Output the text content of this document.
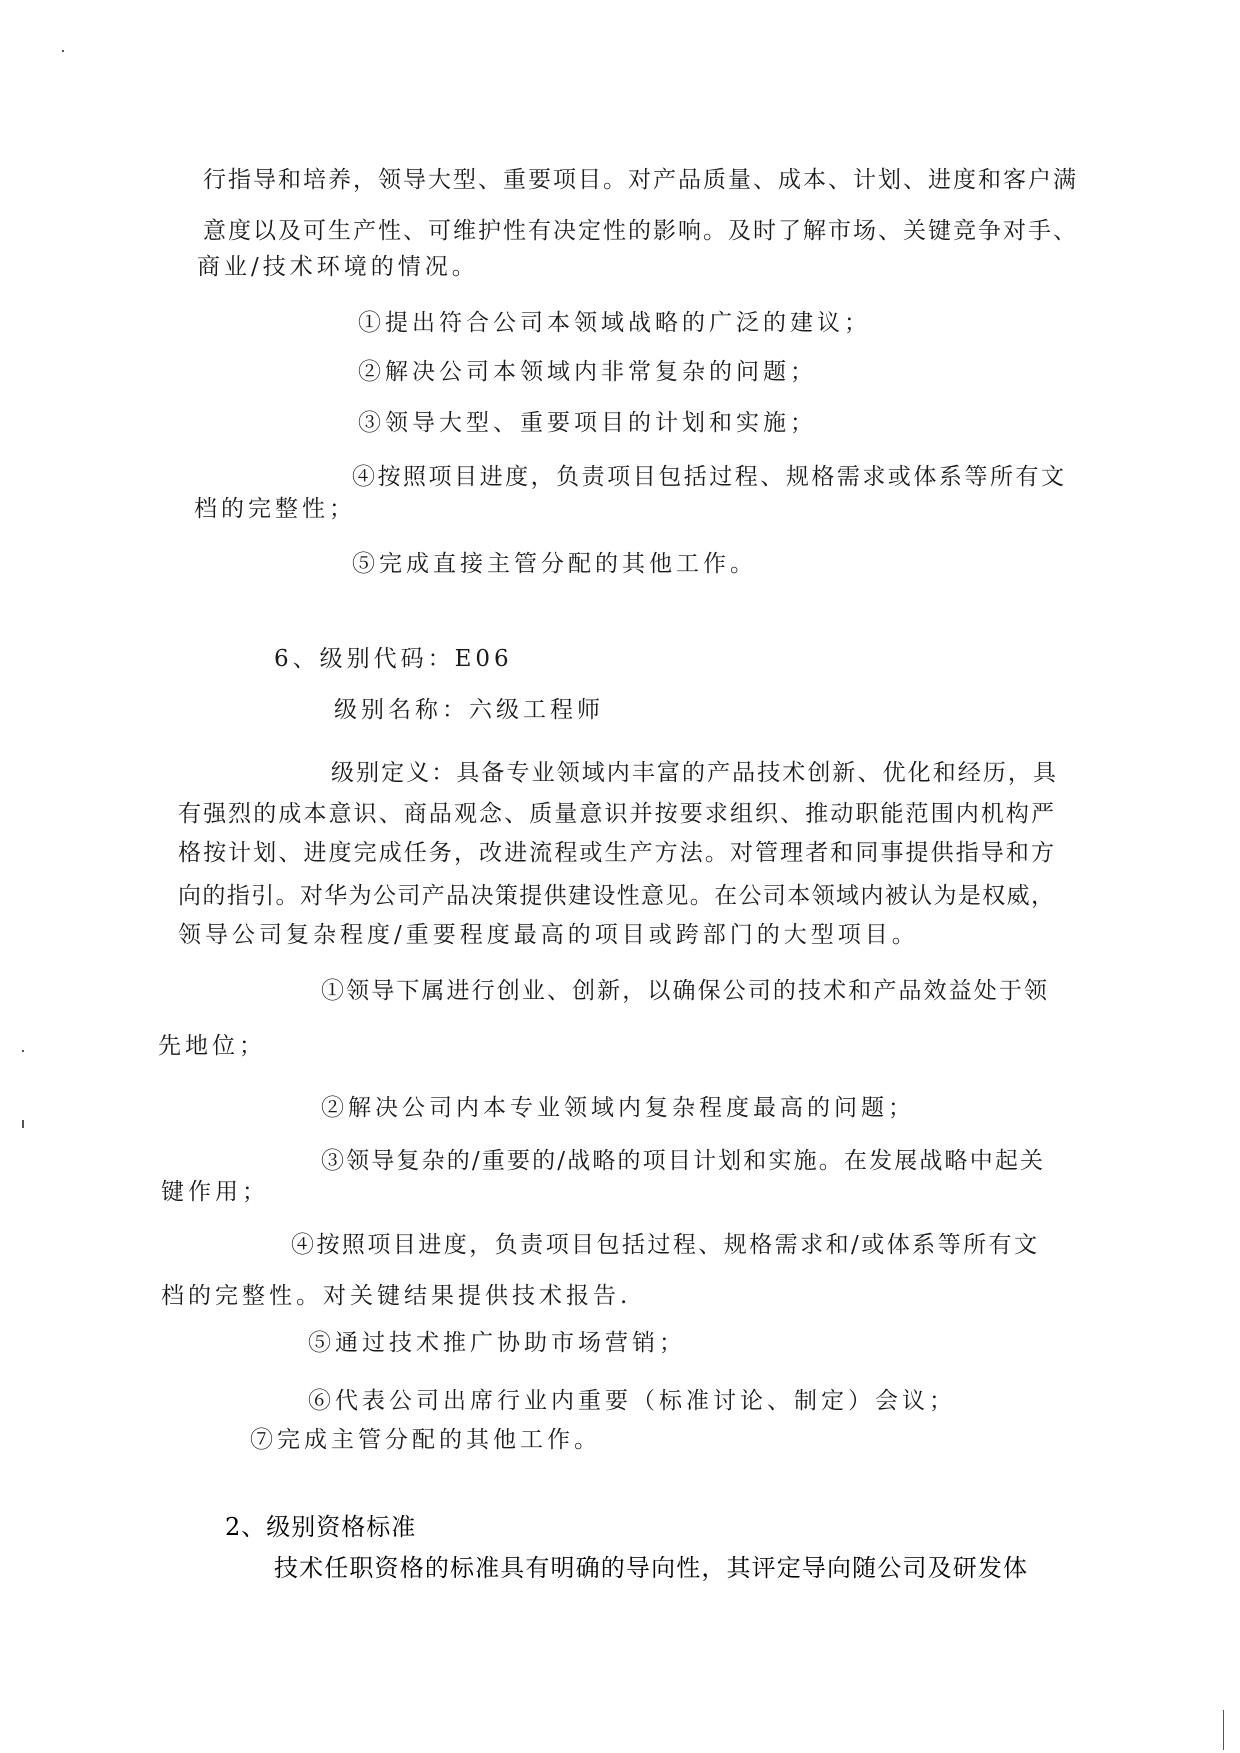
行指导和培养，领导大型、重要项目。对产品质量、成本、计划、进度和客户满
意度以及可生产性、可维护性有决定性的影响。及时了解市场、关键竞争对手、
商业/技术环境的情况。
①提出符合公司本领域战略的广泛的建议；
②解决公司本领域内非常复杂的问题；
③领导大型、重要项目的计划和实施；
④按照项目进度，负责项目包括过程、规格需求或体系等所有文
档的完整性；
⑤完成直接主管分配的其他工作。
6、级别代码：E06
级别名称：六级工程师
级别定义：具备专业领域内丰富的产品技术创新、优化和经历，具
有强烈的成本意识、商品观念、质量意识并按要求组织、推动职能范围内机构严
格按计划、进度完成任务，改进流程或生产方法。对管理者和同事提供指导和方
向的指引。对华为公司产品决策提供建设性意见。在公司本领域内被认为是权威，
领导公司复杂程度/重要程度最高的项目或跨部门的大型项目。
①领导下属进行创业、创新，以确保公司的技术和产品效益处于领
先地位；
②解决公司内本专业领域内复杂程度最高的问题；
③领导复杂的/重要的/战略的项目计划和实施。在发展战略中起关
键作用；
④按照项目进度，负责项目包括过程、规格需求和/或体系等所有文
档的完整性。对关键结果提供技术报告.
⑤通过技术推广协助市场营销；
⑥代表公司出席行业内重要（标准讨论、制定）会议；
⑦完成主管分配的其他工作。
2、级别资格标准
技术任职资格的标准具有明确的导向性，其评定导向随公司及研发体
